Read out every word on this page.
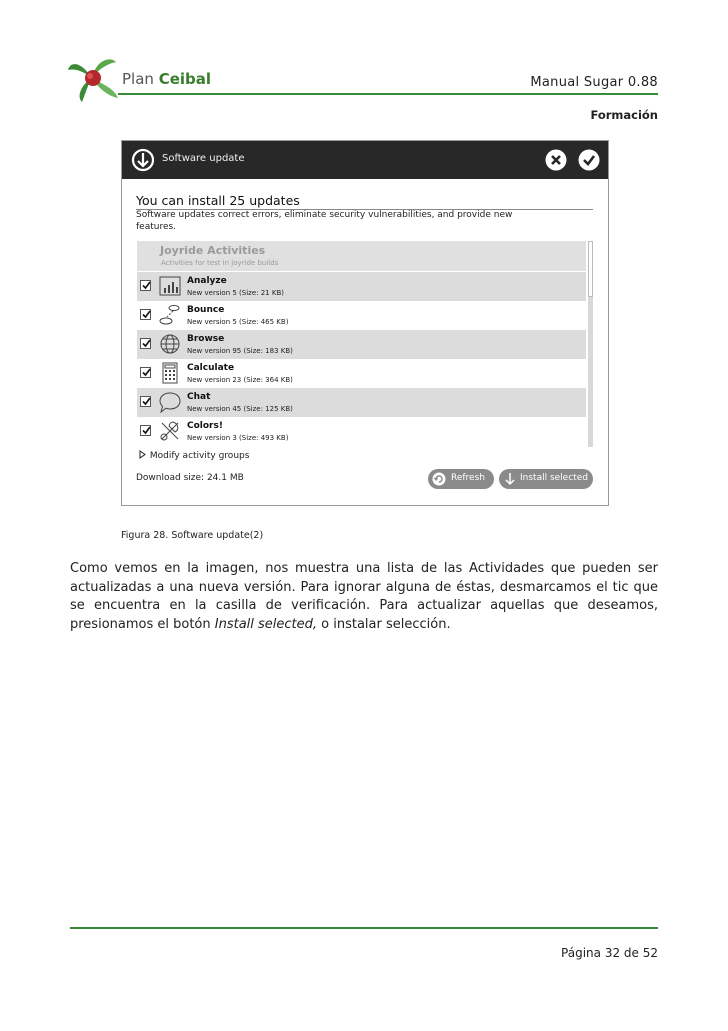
Plan Ceibal	Manual Sugar 0.88
Formación
Software update
You can install 25 updates
Software updates correct errors, eliminate security vulnerabilities, and provide new features.
Joyride Activities
Activities for test in joyride builds
Analyze
New version 5 (Size: 21 KB)
Bounce
New version 5 (Size: 465 KB)
Browse
New version 95 (Size: 183 KB)
Calculate
New version 23 (Size: 364 KB)
Chat
New version 45 (Size: 125 KB)
Colors!
New version 3 (Size: 493 KB)
Modify activity groups
Download size: 24.1 MB	Refresh	Install selected
Figura 28. Software update(2)
Como vemos en la imagen, nos muestra una lista de las Actividades que pueden ser actualizadas a una nueva versión. Para ignorar alguna de éstas, desmarcamos el tic que se encuentra en la casilla de verificación. Para actualizar aquellas que deseamos, presionamos el botón Install selected, o instalar selección.
Página 32 de 52
